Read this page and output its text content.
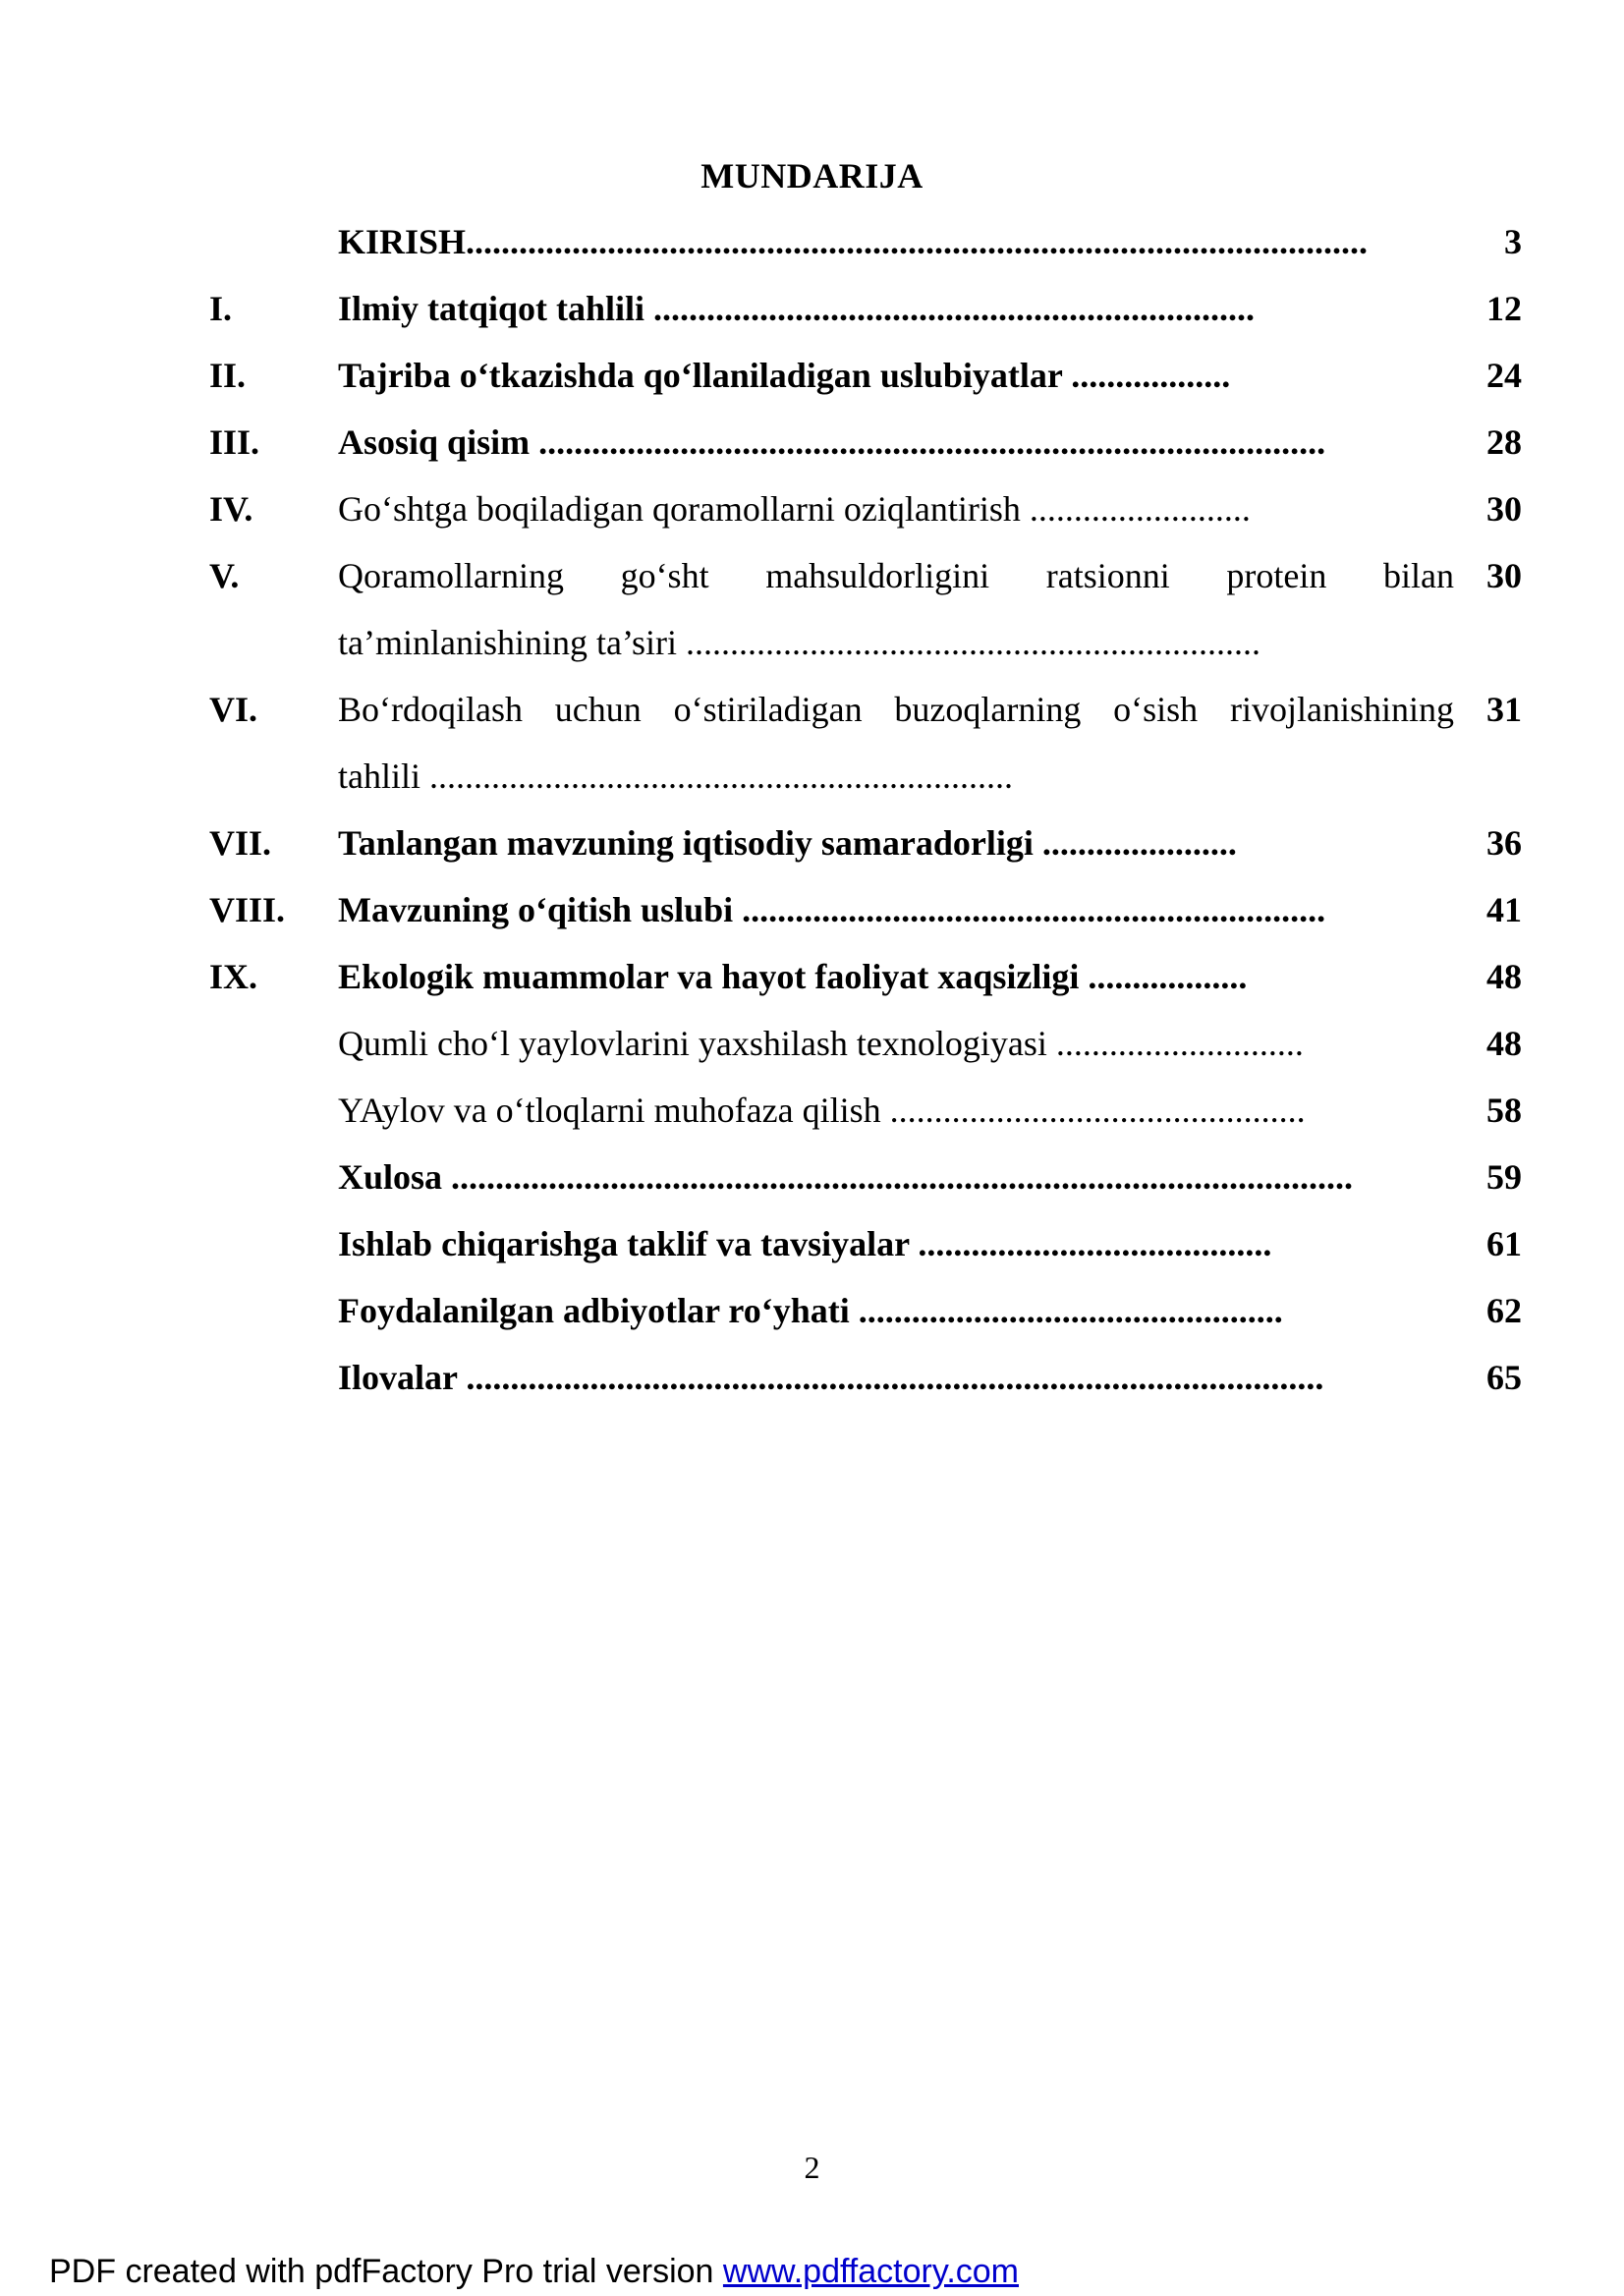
MUNDARIJA
KIRISH......................................................................................................	3
I.	Ilmiy tatqiqot tahlili ....................................................................	12
II.	Tajriba o‘tkazishda qo‘llaniladigan uslubiyatlar ..................	24
III. Asosiq qisim .........................................................................................	28
IV. Go‘shtga boqiladigan qoramollarni oziqlantirish .........................	30
V.	Qoramollarning go‘sht mahsuldorligini ratsionni protein bilan 30
ta’minlanishining ta’siri .................................................................
VI. Bo‘rdoqilash uchun o‘stiriladigan buzoqlarning o‘sish rivojlanishining 31
tahlili ..................................................................
VII. Tanlangan mavzuning iqtisodiy samaradorligi ......................	36
VIII. Mavzuning o‘qitish uslubi ..................................................................	41
IX. Ekologik muammolar va hayot faoliyat xaqsizligi ..................	48
Qumli cho‘l yaylovlarini yaxshilash texnologiyasi ............................	48
YAylov va o‘tloqlarni muhofaza qilish ...............................................	58
Xulosa ......................................................................................................	59
Ishlab chiqarishga taklif va tavsiyalar ........................................	61
Foydalanilgan adbiyotlar ro‘yhati ................................................	62
Ilovalar .................................................................................................	65
2
PDF created with pdfFactory Pro trial version www.pdffactory.com
